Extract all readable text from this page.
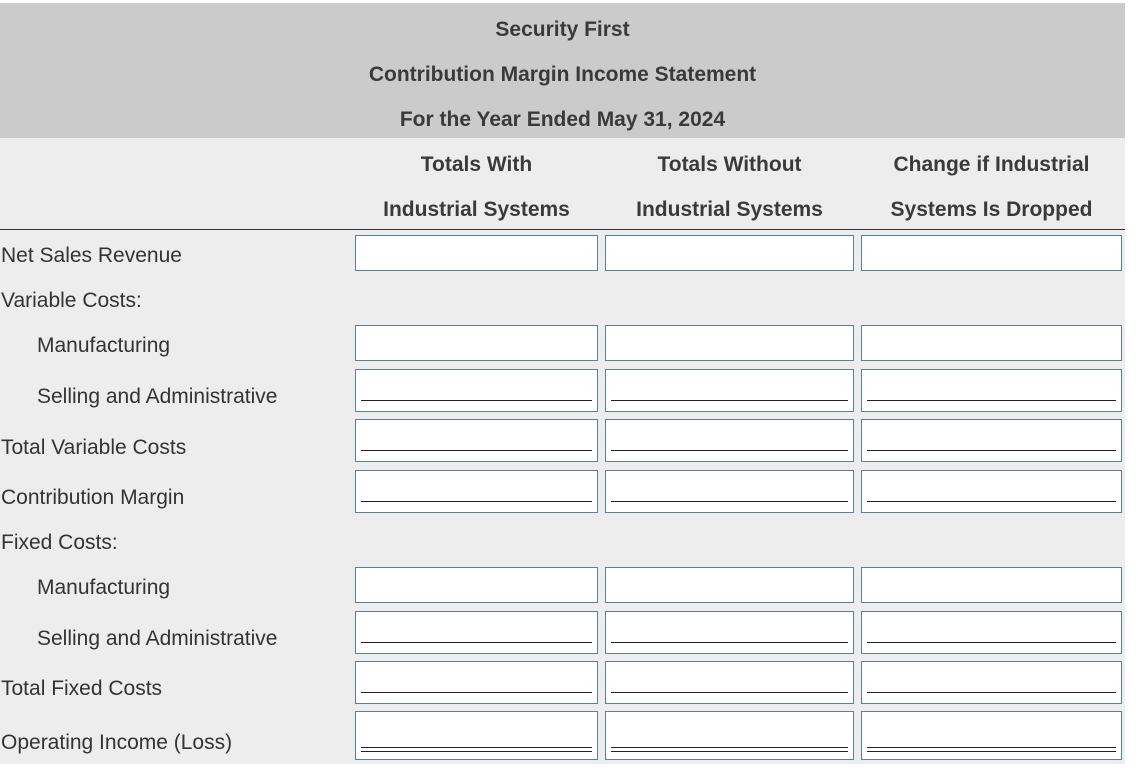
Security First
Contribution Margin Income Statement
For the Year Ended May 31, 2024
Totals With
Industrial Systems
Totals Without
Industrial Systems
Change if Industrial
Systems Is Dropped
Net Sales Revenue
Variable Costs:
Manufacturing
Selling and Administrative
Total Variable Costs
Contribution Margin
Fixed Costs:
Manufacturing
Selling and Administrative
Total Fixed Costs
Operating Income (Loss)
